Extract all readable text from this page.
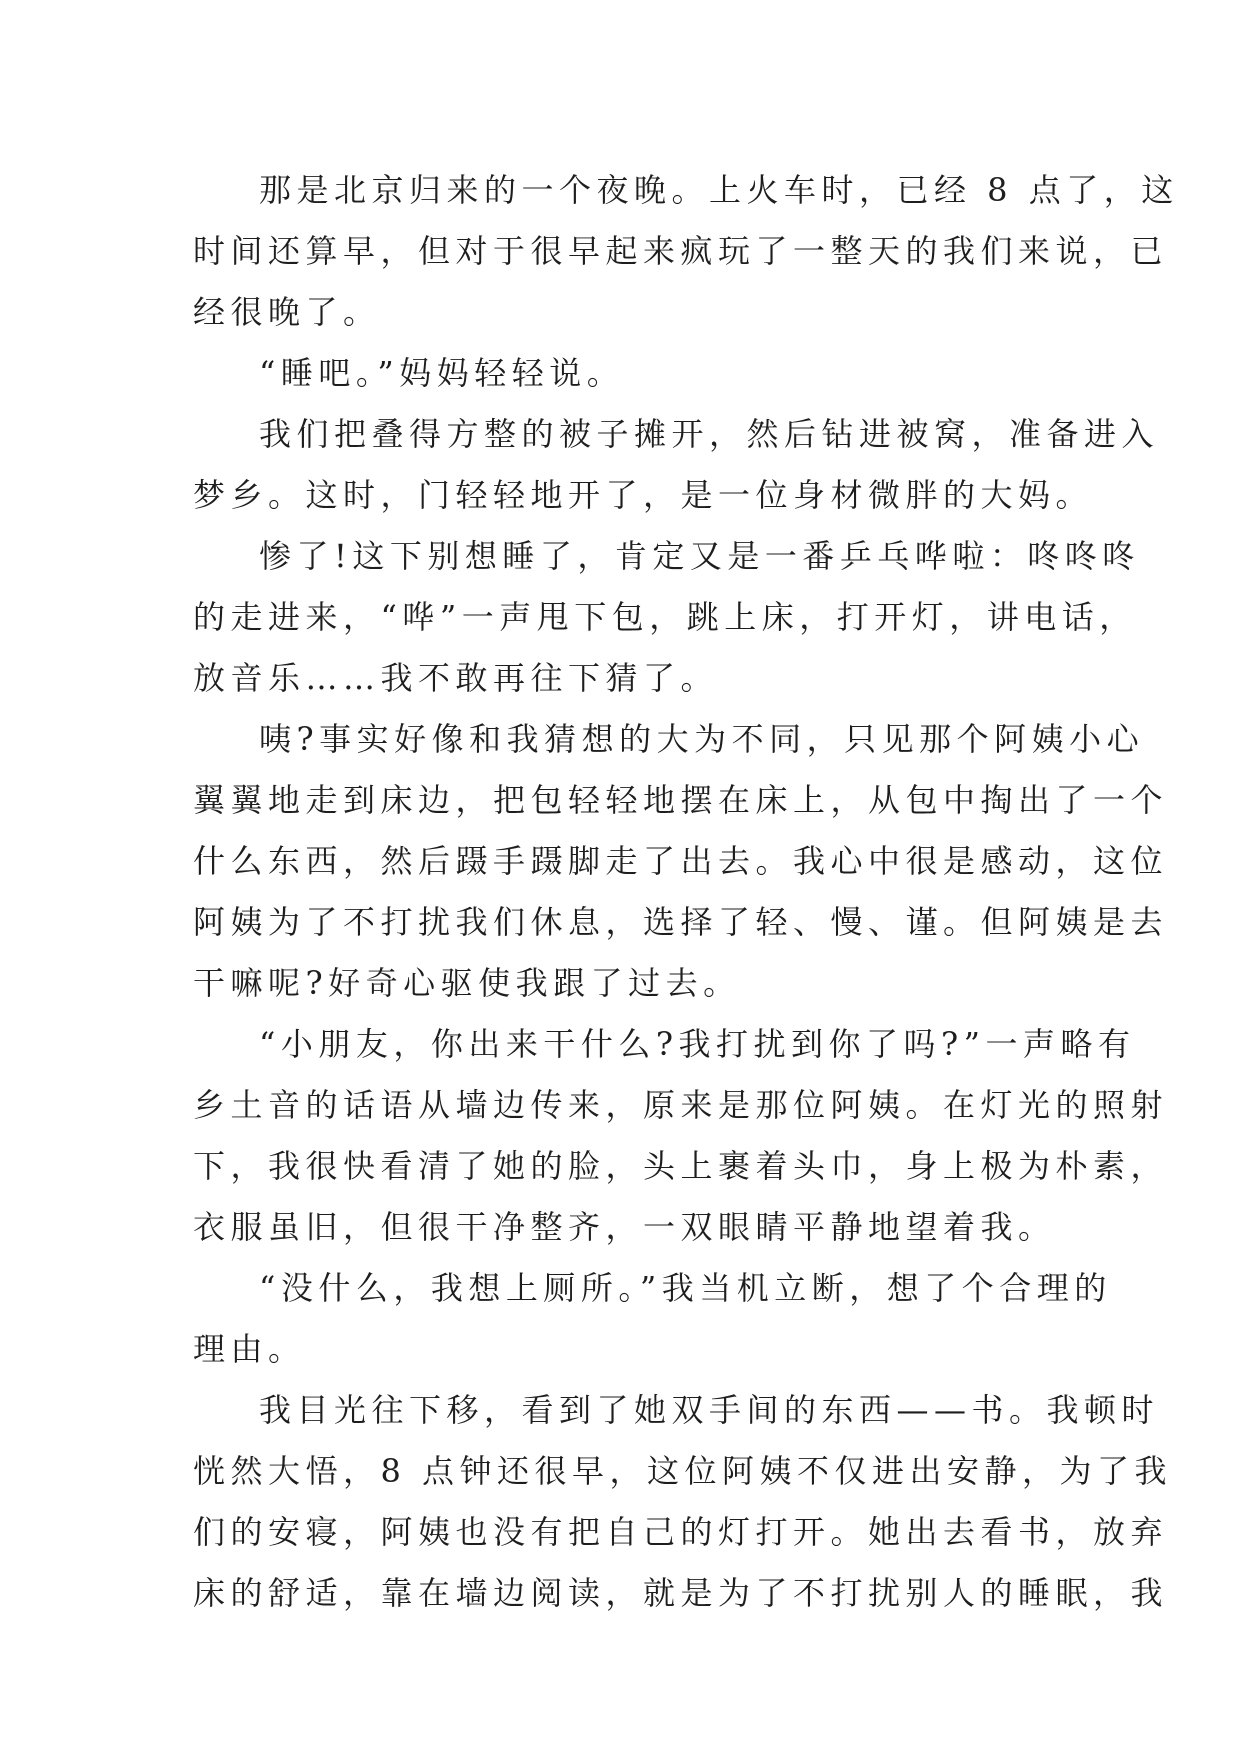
那是北京归来的一个夜晚。上火车时，已经 8 点了，这
时间还算早，但对于很早起来疯玩了一整天的我们来说，已
经很晚了。
“睡吧。”妈妈轻轻说。
我们把叠得方整的被子摊开，然后钻进被窝，准备进入
梦乡。这时，门轻轻地开了，是一位身材微胖的大妈。
惨了!这下别想睡了，肯定又是一番乒乓哗啦：咚咚咚
的走进来，“哗”一声甩下包，跳上床，打开灯，讲电话，
放音乐……我不敢再往下猜了。
咦?事实好像和我猜想的大为不同，只见那个阿姨小心
翼翼地走到床边，把包轻轻地摆在床上，从包中掏出了一个
什么东西，然后蹑手蹑脚走了出去。我心中很是感动，这位
阿姨为了不打扰我们休息，选择了轻、慢、谨。但阿姨是去
干嘛呢?好奇心驱使我跟了过去。
“小朋友，你出来干什么?我打扰到你了吗?”一声略有
乡土音的话语从墙边传来，原来是那位阿姨。在灯光的照射
下，我很快看清了她的脸，头上裹着头巾，身上极为朴素，
衣服虽旧，但很干净整齐，一双眼睛平静地望着我。
“没什么，我想上厕所。”我当机立断，想了个合理的
理由。
我目光往下移，看到了她双手间的东西——书。我顿时
恍然大悟，8 点钟还很早，这位阿姨不仅进出安静，为了我
们的安寝，阿姨也没有把自己的灯打开。她出去看书，放弃
床的舒适，靠在墙边阅读，就是为了不打扰别人的睡眠，我
